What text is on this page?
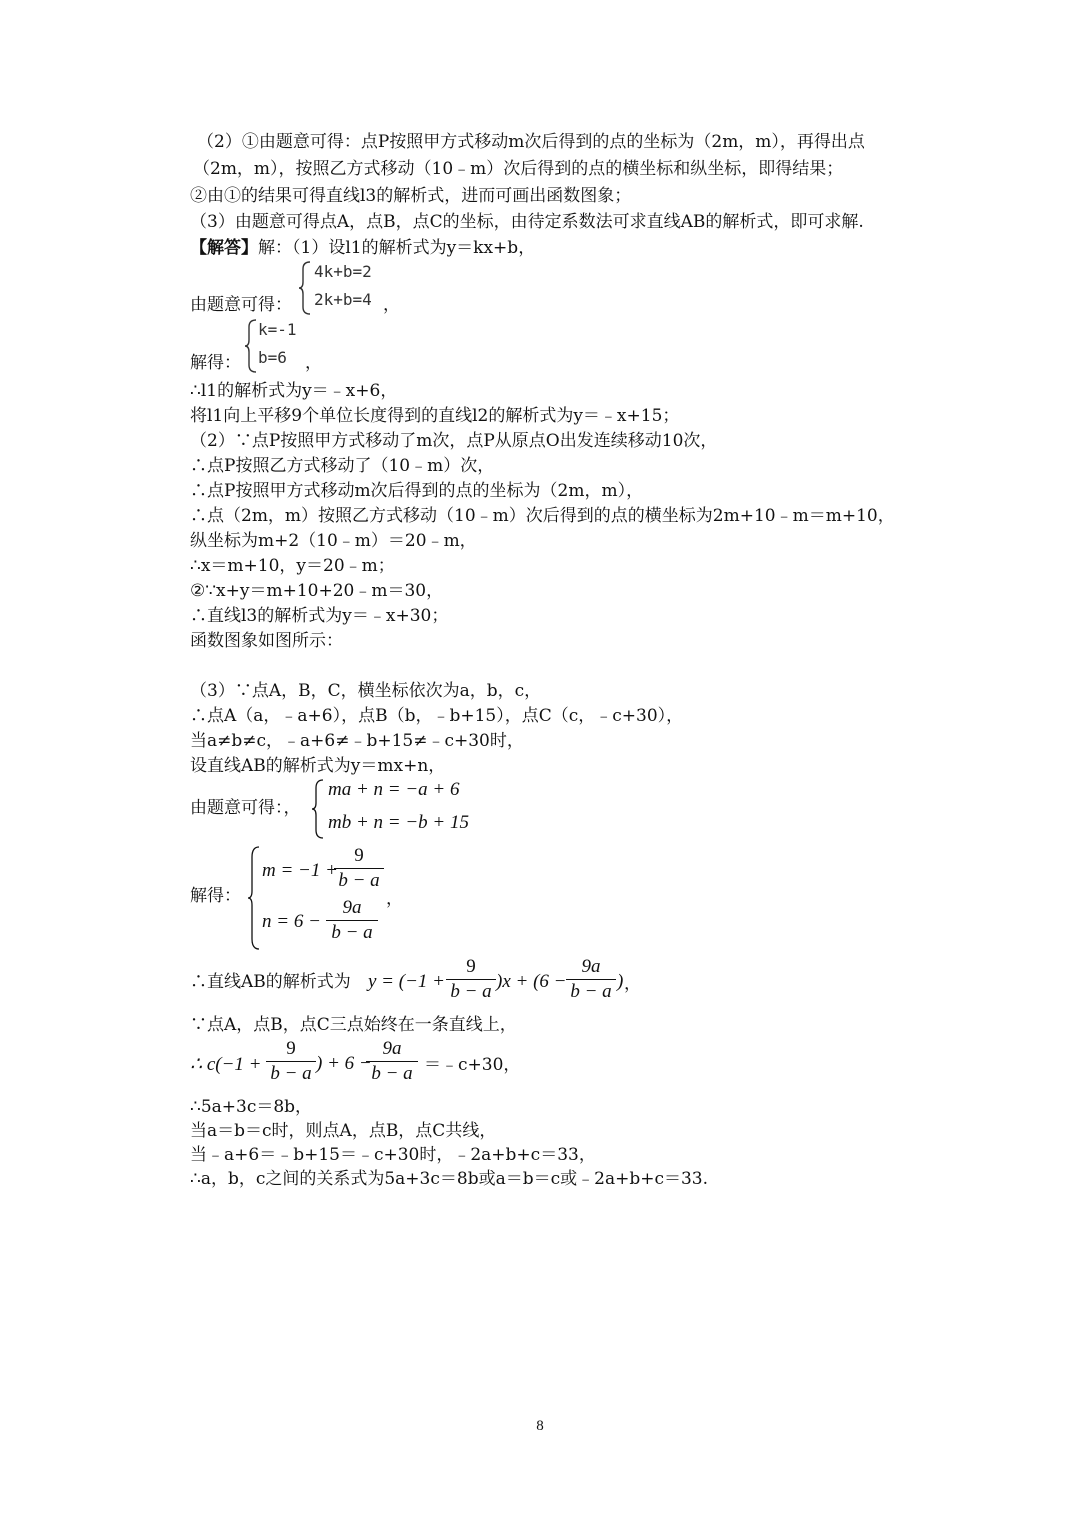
（2）①由题意可得：点P按照甲方式移动m次后得到的点的坐标为（2m，m），再得出点
（2m，m），按照乙方式移动（10﹣m）次后得到的点的横坐标和纵坐标，即得结果；
②由①的结果可得直线l3的解析式，进而可画出函数图象；
（3）由题意可得点A，点B，点C的坐标，由待定系数法可求直线AB的解析式，即可求解.
【解答】解：（1）设l1的解析式为y＝kx+b，
由题意可得：
4k+b=2
2k+b=4 ，
解得：
k=-1
b=6 ，
∴l1的解析式为y＝﹣x+6，
将l1向上平移9个单位长度得到的直线l2的解析式为y＝﹣x+15；
（2）∵点P按照甲方式移动了m次，点P从原点O出发连续移动10次，
∴点P按照乙方式移动了（10﹣m）次，
∴点P按照甲方式移动m次后得到的点的坐标为（2m，m），
∴点（2m，m）按照乙方式移动（10﹣m）次后得到的点的横坐标为2m+10﹣m＝m+10，
纵坐标为m+2（10﹣m）＝20﹣m，
∴x＝m+10，y＝20﹣m；
②∵x+y＝m+10+20﹣m＝30，
∴直线l3的解析式为y＝﹣x+30；
函数图象如图所示：
（3）∵点A，B，C，横坐标依次为a，b，c，
∴点A（a，﹣a+6），点B（b，﹣b+15），点C（c，﹣c+30），
当a≠b≠c，﹣a+6≠﹣b+15≠﹣c+30时，
设直线AB的解析式为y＝mx+n，
由题意可得：，
ma + n = −a + 6
mb + n = −b + 15
解得：
m = −1 +
9
b − a
，
n = 6 −
9a
b − a
∴直线AB的解析式为 y = (−1 +
9
b − a )x + (6 −
9a
b − a ) ，
∵点A，点B，点C三点始终在一条直线上，
∴ c(−1 +
9
b − a ) + 6 −
9a
b − a ＝﹣c+30，
∴5a+3c＝8b，
当a＝b＝c时，则点A，点B，点C共线，
当﹣a+6＝﹣b+15＝﹣c+30时，﹣2a+b+c＝33，
∴a，b，c之间的关系式为5a+3c＝8b或a＝b＝c或﹣2a+b+c＝33.
8
